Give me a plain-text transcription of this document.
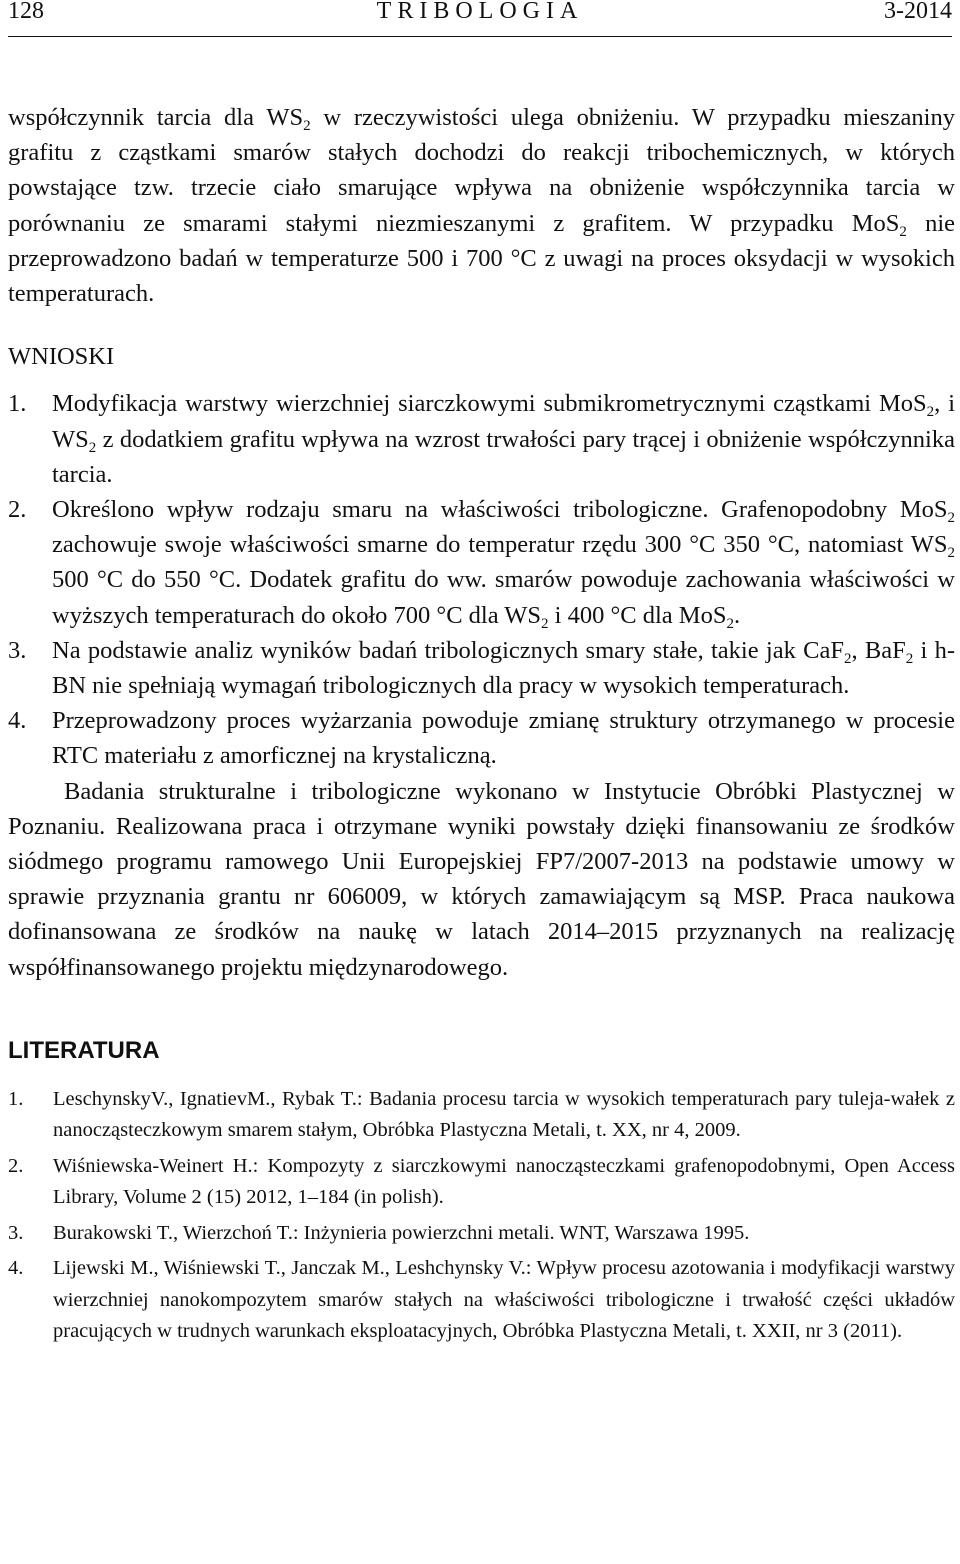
128	TRIBOLOGIA	3-2014

współczynnik tarcia dla $WS_2$ w rzeczywistości ulega obniżeniu. W przypadku mieszaniny grafitu z cząstkami smarów stałych dochodzi do reakcji tribochemicznych, w których powstające tzw. trzecie ciało smarujące wpływa na obniżenie współczynnika tarcia w porównaniu ze smarami stałymi niezmieszanymi z grafitem. W przypadku MoS$_2$ nie przeprowadzono badań w temperaturze 500 i 700 °C z uwagi na proces oksydacji w wysokich temperaturach.

WNIOSKI
1. Modyfikacja warstwy wierzchniej siarczkowymi submikrometrycznymi cząstkami MoS$_2$, i $WS_2$ z dodatkiem grafitu wpływa na wzrost trwałości pary trącej i obniżenie współczynnika tarcia.
2. Określono wpływ rodzaju smaru na właściwości tribologiczne. Grafenopodobny MoS$_2$ zachowuje swoje właściwości smarne do temperatur rzędu 300 °C 350 °C, natomiast $WS_2$ 500 °C do 550 °C. Dodatek grafitu do ww. smarów powoduje zachowania właściwości w wyższych temperaturach do około 700 °C dla $WS_2$ i 400 °C dla MoS$_2$.
3. Na podstawie analiz wyników badań tribologicznych smary stałe, takie jak CaF$_2$, BaF$_2$ i h-BN nie spełniają wymagań tribologicznych dla pracy w wysokich temperaturach.
4. Przeprowadzony proces wyżarzania powoduje zmianę struktury otrzymanego w procesie RTC materiału z amorficznej na krystaliczną.

Badania strukturalne i tribologiczne wykonano w Instytucie Obróbki Plastycznej w Poznaniu. Realizowana praca i otrzymane wyniki powstały dzięki finansowaniu ze środków siódmego programu ramowego Unii Europejskiej FP7/2007-2013 na podstawie umowy w sprawie przyznania grantu nr 606009, w których zamawiającym są MSP. Praca naukowa dofinansowana ze środków na naukę w latach 2014–2015 przyznanych na realizację współfinansowanego projektu międzynarodowego.

LITERATURA
1. LeschynskyV., IgnatievM., Rybak T.: Badania procesu tarcia w wysokich temperaturach pary tuleja-wałek z nanocząsteczkowym smarem stałym, Obróbka Plastyczna Metali, t. XX, nr 4, 2009.
2. Wiśniewska-Weinert H.: Kompozyty z siarczkowymi nanocząsteczkami grafenopodobnymi, Open Access Library, Volume 2 (15) 2012, 1–184 (in polish).
3. Burakowski T., Wierzchoń T.: Inżynieria powierzchni metali. WNT, Warszawa 1995.
4. Lijewski M., Wiśniewski T., Janczak M., Leshchynsky V.: Wpływ procesu azotowania i modyfikacji warstwy wierzchniej nanokompozytem smarów stałych na właściwości tribologiczne i trwałość części układów pracujących w trudnych warunkach eksploatacyjnych, Obróbka Plastyczna Metali, t. XXII, nr 3 (2011).
